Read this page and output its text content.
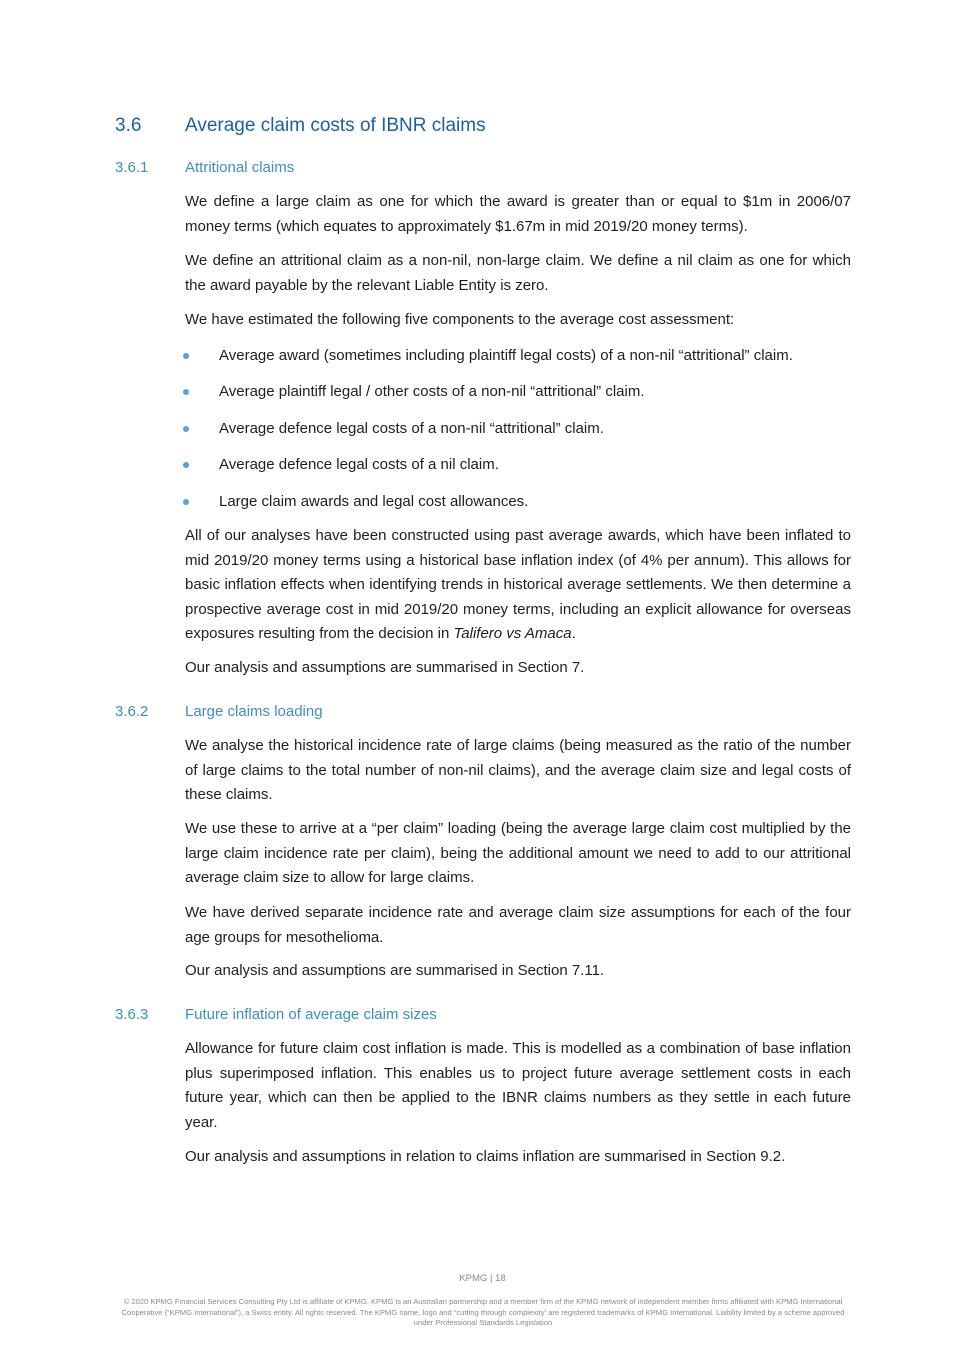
3.6	Average claim costs of IBNR claims
3.6.1	Attritional claims

We define a large claim as one for which the award is greater than or equal to $1m in 2006/07 money terms (which equates to approximately $1.67m in mid 2019/20 money terms).

We define an attritional claim as a non-nil, non-large claim. We define a nil claim as one for which the award payable by the relevant Liable Entity is zero.

We have estimated the following five components to the average cost assessment:

Average award (sometimes including plaintiff legal costs) of a non-nil “attritional” claim.
Average plaintiff legal / other costs of a non-nil “attritional” claim.
Average defence legal costs of a non-nil “attritional” claim.
Average defence legal costs of a nil claim.
Large claim awards and legal cost allowances.

All of our analyses have been constructed using past average awards, which have been inflated to mid 2019/20 money terms using a historical base inflation index (of 4% per annum). This allows for basic inflation effects when identifying trends in historical average settlements. We then determine a prospective average cost in mid 2019/20 money terms, including an explicit allowance for overseas exposures resulting from the decision in Talifero vs Amaca.

Our analysis and assumptions are summarised in Section 7.

3.6.2	Large claims loading

We analyse the historical incidence rate of large claims (being measured as the ratio of the number of large claims to the total number of non-nil claims), and the average claim size and legal costs of these claims.

We use these to arrive at a “per claim” loading (being the average large claim cost multiplied by the large claim incidence rate per claim), being the additional amount we need to add to our attritional average claim size to allow for large claims.

We have derived separate incidence rate and average claim size assumptions for each of the four age groups for mesothelioma.

Our analysis and assumptions are summarised in Section 7.11.

3.6.3	Future inflation of average claim sizes

Allowance for future claim cost inflation is made. This is modelled as a combination of base inflation plus superimposed inflation. This enables us to project future average settlement costs in each future year, which can then be applied to the IBNR claims numbers as they settle in each future year.

Our analysis and assumptions in relation to claims inflation are summarised in Section 9.2.

KPMG | 18
© 2020 KPMG Financial Services Consulting Pty Ltd is affiliate of KPMG. KPMG is an Australian partnership and a member firm of the KPMG network of independent member firms affiliated with KPMG International Cooperative (“KPMG International”), a Swiss entity. All rights reserved. The KPMG name, logo and “cutting through complexity' are registered trademarks of KPMG International. Liability limited by a scheme approved under Professional Standards Legislation
